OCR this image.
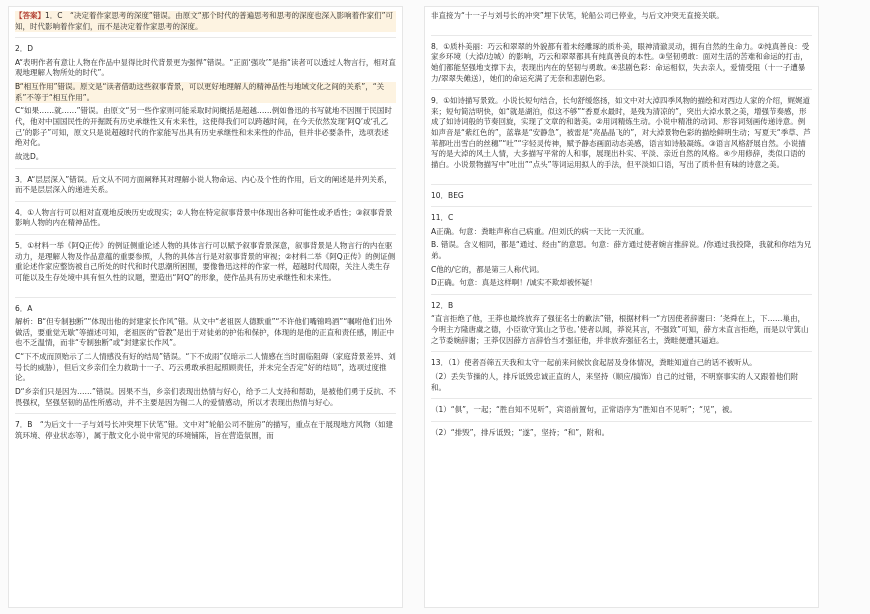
【答案】1．C　“决定着作家思考的深度”错误。由原文“那个时代的普遍思考和思考的深度也深入影响着作家们”可知，时代影响着作家们，而不是决定着作家思考的深度。

2．D

A“表明作者有意让人物在作品中显得比时代背景更为强悍”错误。“正面‘强攻’”是指“读者可以透过人物言行，相对直观地理解人物所处的时代”。

B“相互作用”错误。原文是“读者借助这些叙事背景，可以更好地理解人的精神品性与地域文化之间的关系”，“关系”不等于“相互作用”。

C“如果……就……”错误。由原文“另一些作家则可能采取时间概括是超越……例如鲁迅的书写就地不因囿于民国时代，他对中国国民性的开掘既有历史承继性又有未来性，这使得我们可以跨越时间，在今天依然发现‘阿Q’或‘孔乙己’的影子”可知，原文只是说超越时代的作家能写出具有历史承继性和未来性的作品，但并非必要条件，选项表述绝对化。

故选D。

3．A“层层深入”错误。后文从不同方面阐释其对理解小说人物命运、内心及个性的作用，后文的阐述是并列关系，而不是层层深入的递进关系。

4．①人物言行可以相对直观地反映历史或现实；②人物在特定叙事背景中体现出各种可能性或矛盾性；③叙事背景影响人物的内在精神品性。

5．①材料一举《阿Q正传》的例证侧重论述人物的具体言行可以赋予叙事背景深意，叙事背景是人物言行的内在驱动力，是理解人物及作品意蕴的重要参照，人物的具体言行是对叙事背景的审视；②材料二举《阿Q正传》的例证侧重论述作家应整饬被自己所处的时代和时代思潮所困囿，要像鲁迅这样的作家一样，超越时代局限，关注人类生存可能以及生存处境中具有恒久性的议题，塑造出“阿Q”的形象，使作品具有历史承继性和未来性。

6．A

解析：B“但专制独断”“体现出他的封建家长作风”错。从文中“老祖医人德默重”“不许他们嘴锦鸣酒”“嘱咐他们出外做活，要重觉无歇”等描述可知，老祖医的“管教”是出于对徒弟的护佑和保护，体现的是他的正直和责任感，刚正中也不乏温情，而非“专制独断”或“封建家长作风”。

C“下不成而顶贻示了二人情感没有好的结局”错误。“下不成雨”仅暗示二人情感在当时面临阻碍（家庭背景差异、刘号长的威胁），但后文乡亲们全力救助十一子、巧云勇敢承担起照顾责任，并未完全否定“好的结局”，选项过度推论。

D“乡亲们只是因为……”错误。因果不当，乡亲们表现出热情与好心，给予二人支持和帮助，是被他们勇于反抗、不畏强权，坚强坚韧的品性所感动，并不主要是因为锡二人的爱情感动，所以才表现出热情与好心。

7．B　“为后文十一子与刘号长冲突埋下伏笔”错。文中对“轮船公司不脏房”的描写，重点在于展现地方风物（如建筑环境、停业状态等），属于散文化小说中常见的环境铺陈，旨在营造氛围，而

非直接为“十一子与刘号长的冲突”埋下伏笔，轮船公司已停业，与后文冲突无直接关联。

8．①质朴美丽：巧云和翠翠的外貌都有着未经雕琢的质朴美，眼神清澈灵动，拥有自然的生命力。②纯真善良：受家乡环境（大淖/边城）的影响，巧云和翠翠都具有纯真善良的本性。③坚韧勇敢：面对生活的苦难和命运的打击，她们都能坚强地支撑下去，表现出内在的坚韧与勇敢。④悲剧色彩：命运相似，失去亲人，爱情受阻（十一子遭暴力/翠翠失傩送），她们的命运充满了无奈和悲剧色彩。

9．①如诗描写景致。小说长短句结合，长句舒缓悠扬，如文中对大淖四季风物的描绘和对西边人家的介绍，娓娓道来；短句简洁明快，如“就是湖泊，似这不够”“香夏水最时，是残为清凉的”，突出大淖水景之美，增强节奏感，形成了如诗词般的节奏回旋，实现了文章的和谐美。②用词精炼生动。小说中精准的动词、形容词刻画传递诗意。例如声音是“紫红色的”，蓝靠是“安静急”，被雷是“亮晶晶飞的”，对大淖景物色彩的描绘鲜明生动；写夏天“季草、芦苇都吐出雪白的丝穗”“吐”“字轻灵传神，赋予静态画面动态美感，语言如诗般凝练。③语言风格舒展自然。小说描写的是大淖的风土人情，大多描写平常的人和事，展现出朴实、平淡、亲近自然的风格。④少用修辞，类似口语的描白。小说景物描写中“吐出”“点头”等词运用拟人的手法，但平淡如口语，写出了质朴但有味的诗意之美。

10．BEG

11．C

A正确。句意：粪畦声称自己病重。/但刘氏的病一天比一天沉重。

B. 错误。含义相同，都是“通过、经由”的意思。句意：薛方通过使者婉言推辞说。/你通过我投降，我就和你结为兄弟。

C他的/它的，都是第三人称代词。

D正确。句意：真是这样啊！/诚实不欺却被怀疑！

12．B

“直言拒绝了他，王莽也最终放弃了强征名士的歉法”错，根据材料一“方因使者辞谢曰：‘尧舜在上，下……巢由，今明主方隆唐虞之德，小臣欲守箕山之节也。’使者以闻，莽说其言，不强致”可知，薛方未直言拒绝，而是以守箕山之节委婉辞谢；王莽仅因薛方言辞恰当才强征他，并非放弃强征名士，粪畦便遭其逼迫。

13．（1）使者吾筛五天我和太守一起前来问候饮食起居及身体情况，粪畦知道自己的话不被听从。

（2）丢失节操的人，排斥诋毁忠诚正直的人，来坚持（顺应/搞饰）自己的过错，不明察事实的人又跟着他们附和。

（1）“俱”，一起；“胜自知不见听”，宾语前置句，正常语序为“胜知自不见听”；“见”，被。

（2）“排毁”，排斥诋毁；“遂”，坚持；“和”，附和。
